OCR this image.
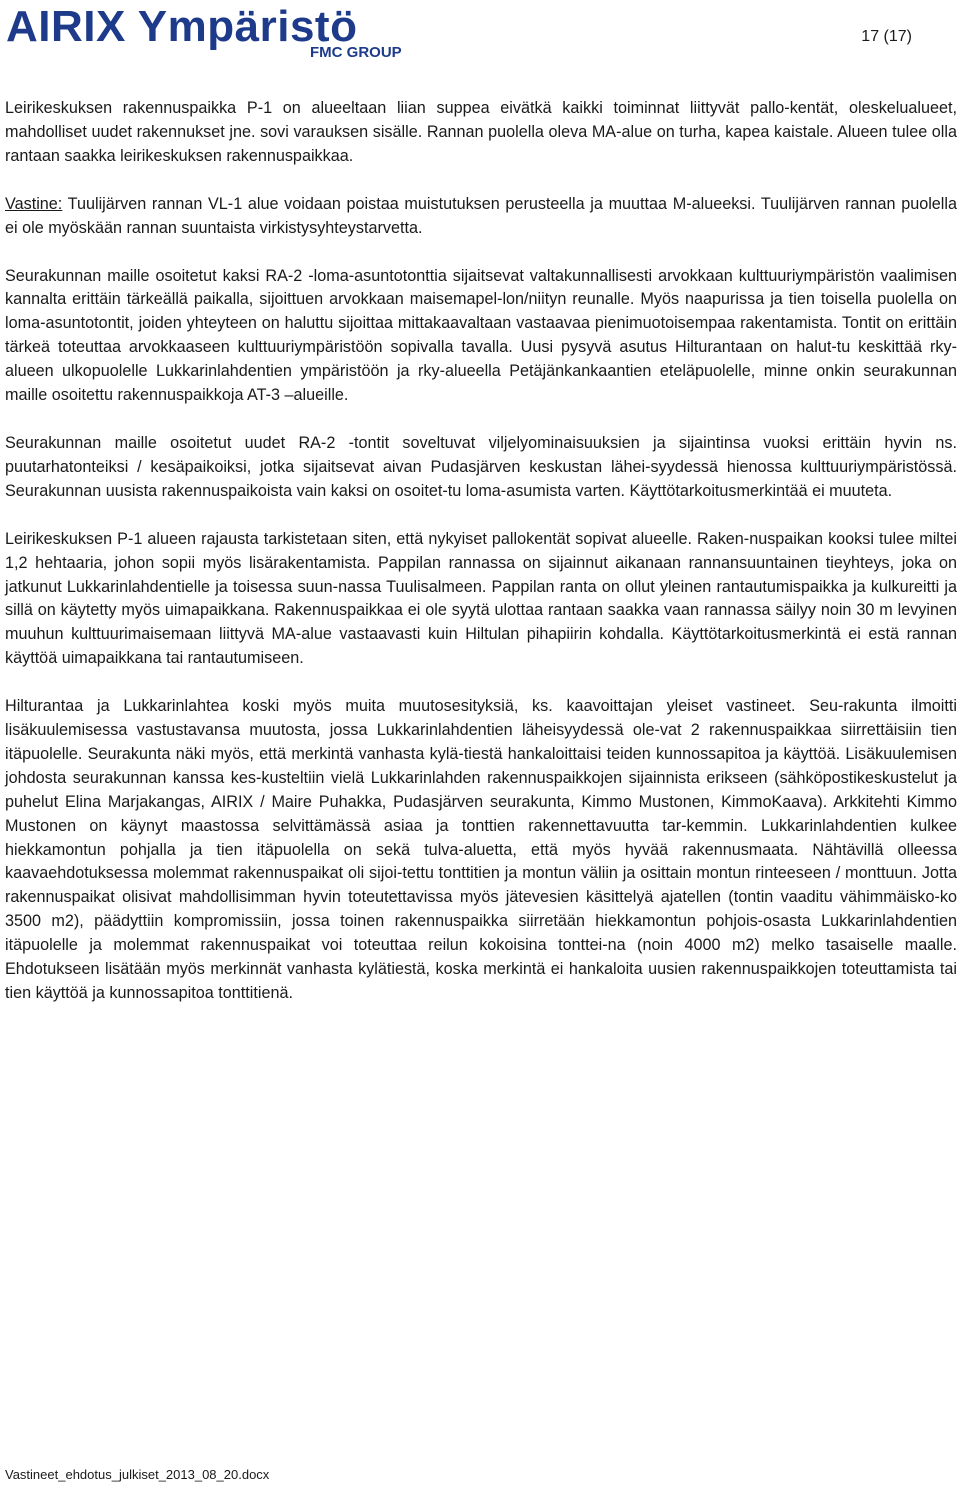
AIRIX Ympäristö
FMC GROUP
17 (17)

Leirikeskuksen rakennuspaikka P-1 on alueeltaan liian suppea eivätkä kaikki toiminnat liittyvät pallo-kentät, oleskelualueet, mahdolliset uudet rakennukset jne. sovi varauksen sisälle. Rannan puolella oleva MA-alue on turha, kapea kaistale. Alueen tulee olla rantaan saakka leirikeskuksen rakennuspaikkaa.

Vastine: Tuulijärven rannan VL-1 alue voidaan poistaa muistutuksen perusteella ja muuttaa M-alueeksi. Tuulijärven rannan puolella ei ole myöskään rannan suuntaista virkistysyhteystarvetta.

Seurakunnan maille osoitetut kaksi RA-2 -loma-asuntotonttia sijaitsevat valtakunnallisesti arvokkaan kulttuuriympäristön vaalimisen kannalta erittäin tärkeällä paikalla, sijoittuen arvokkaan maisemapel-lon/niityn reunalle. Myös naapurissa ja tien toisella puolella on loma-asuntotontit, joiden yhteyteen on haluttu sijoittaa mittakaavaltaan vastaavaa pienimuotoisempaa rakentamista. Tontit on erittäin tärkeä toteuttaa arvokkaaseen kulttuuriympäristöön sopivalla tavalla. Uusi pysyvä asutus Hilturantaan on halut-tu keskittää rky-alueen ulkopuolelle Lukkarinlahdentien ympäristöön ja rky-alueella Petäjänkankaantien eteläpuolelle, minne onkin seurakunnan maille osoitettu rakennuspaikkoja AT-3 –alueille.

Seurakunnan maille osoitetut uudet RA-2 -tontit soveltuvat viljelyominaisuuksien ja sijaintinsa vuoksi erittäin hyvin ns. puutarhatonteiksi / kesäpaikoiksi, jotka sijaitsevat aivan Pudasjärven keskustan lähei-syydessä hienossa kulttuuriympäristössä. Seurakunnan uusista rakennuspaikoista vain kaksi on osoitet-tu loma-asumista varten. Käyttötarkoitusmerkintää ei muuteta.

Leirikeskuksen P-1 alueen rajausta tarkistetaan siten, että nykyiset pallokentät sopivat alueelle. Raken-nuspaikan kooksi tulee miltei 1,2 hehtaaria, johon sopii myös lisärakentamista. Pappilan rannassa on sijainnut aikanaan rannansuuntainen tieyhteys, joka on jatkunut Lukkarinlahdentielle ja toisessa suun-nassa Tuulisalmeen. Pappilan ranta on ollut yleinen rantautumispaikka ja kulkureitti ja sillä on käytetty myös uimapaikkana. Rakennuspaikkaa ei ole syytä ulottaa rantaan saakka vaan rannassa säilyy noin 30 m levyinen muuhun kulttuurimaisemaan liittyvä MA-alue vastaavasti kuin Hiltulan pihapiirin kohdalla. Käyttötarkoitusmerkintä ei estä rannan käyttöä uimapaikkana tai rantautumiseen.

Hilturantaa ja Lukkarinlahtea koski myös muita muutosesityksiä, ks. kaavoittajan yleiset vastineet. Seu-rakunta ilmoitti lisäkuulemisessa vastustavansa muutosta, jossa Lukkarinlahdentien läheisyydessä ole-vat 2 rakennuspaikkaa siirrettäisiin tien itäpuolelle. Seurakunta näki myös, että merkintä vanhasta kylä-tiestä hankaloittaisi teiden kunnossapitoa ja käyttöä. Lisäkuulemisen johdosta seurakunnan kanssa kes-kusteltiin vielä Lukkarinlahden rakennuspaikkojen sijainnista erikseen (sähköpostikeskustelut ja puhelut Elina Marjakangas, AIRIX / Maire Puhakka, Pudasjärven seurakunta, Kimmo Mustonen, KimmoKaava). Arkkitehti Kimmo Mustonen on käynyt maastossa selvittämässä asiaa ja tonttien rakennettavuutta tar-kemmin. Lukkarinlahdentien kulkee hiekkamontun pohjalla ja tien itäpuolella on sekä tulva-aluetta, että myös hyvää rakennusmaata. Nähtävillä olleessa kaavaehdotuksessa molemmat rakennuspaikat oli sijoi-tettu tonttitien ja montun väliin ja osittain montun rinteeseen / monttuun. Jotta rakennuspaikat olisivat mahdollisimman hyvin toteutettavissa myös jätevesien käsittelyä ajatellen (tontin vaaditu vähimmäisko-ko 3500 m2), päädyttiin kompromissiin, jossa toinen rakennuspaikka siirretään hiekkamontun pohjois-osasta Lukkarinlahdentien itäpuolelle ja molemmat rakennuspaikat voi toteuttaa reilun kokoisina tonttei-na (noin 4000 m2) melko tasaiselle maalle. Ehdotukseen lisätään myös merkinnät vanhasta kylätiestä, koska merkintä ei hankaloita uusien rakennuspaikkojen toteuttamista tai tien käyttöä ja kunnossapitoa tonttitienä.

Vastineet_ehdotus_julkiset_2013_08_20.docx
